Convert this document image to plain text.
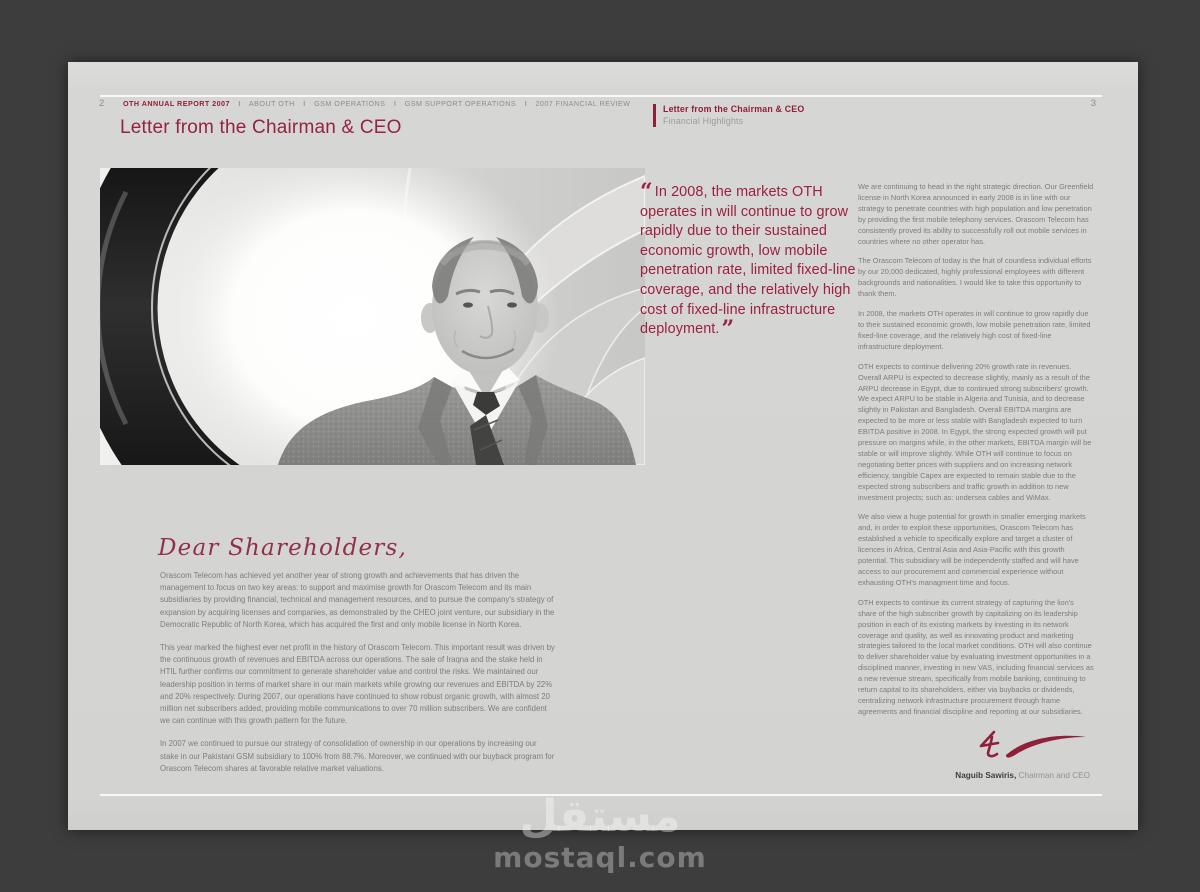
2	3
OTH ANNUAL REPORT 2007 I ABOUT OTH I GSM OPERATIONS I GSM SUPPORT OPERATIONS I 2007 FINANCIAL REVIEW
Letter from the Chairman & CEO
Letter from the Chairman & CEO
Financial Highlights
“ In 2008, the markets OTH operates in will continue to grow rapidly due to their sustained economic growth, low mobile penetration rate, limited fixed-line coverage, and the relatively high cost of fixed-line infrastructure deployment.”

We are continuing to head in the right strategic direction. Our Greenfield license in North Korea announced in early 2008 is in line with our strategy to penetrate countries with high population and low penetration by providing the first mobile telephony services. Orascom Telecom has consistently proved its ability to successfully roll out mobile services in countries where no other operator has.

The Orascom Telecom of today is the fruit of countless individual efforts by our 20,000 dedicated, highly professional employees with different backgrounds and nationalities. I would like to take this opportunity to thank them.

In 2008, the markets OTH operates in will continue to grow rapidly due to their sustained economic growth, low mobile penetration rate, limited fixed-line coverage, and the relatively high cost of fixed-line infrastructure deployment.

OTH expects to continue delivering 20% growth rate in revenues. Overall ARPU is expected to decrease slightly, mainly as a result of the ARPU decrease in Egypt, due to continued strong subscribers' growth. We expect ARPU to be stable in Algeria and Tunisia, and to decrease slightly in Pakistan and Bangladesh. Overall EBITDA margins are expected to be more or less stable with Bangladesh expected to turn EBITDA positive in 2008. In Egypt, the strong expected growth will put pressure on margins while, in the other markets, EBITDA margin will be stable or will improve slightly. While OTH will continue to focus on negotiating better prices with suppliers and on increasing network efficiency, tangible Capex are expected to remain stable due to the expected strong subscribers and traffic growth in addition to new investment projects; such as: undersea cables and WiMax.

We also view a huge potential for growth in smaller emerging markets and, in order to exploit these opportunities, Orascom Telecom has established a vehicle to specifically explore and target a cluster of licences in Africa, Central Asia and Asia-Pacific with this growth potential. This subsidiary will be independently staffed and will have access to our procurement and commercial experience without exhausting OTH's managment time and focus.

OTH expects to continue its current strategy of capturing the lion's share of the high subscriber growth by capitalizing on its leadership position in each of its existing markets by investing in its network coverage and quality, as well as innovating product and marketing strategies tailored to the local market conditions. OTH will also continue to deliver shareholder value by evaluating investment opportunities in a disciplined manner, investing in new VAS, including financial services as a new revenue stream, specifically from mobile banking, continuing to return capital to its shareholders, either via buybacks or dividends, centralizing network infrastructure procurement through frame agreements and financial discipline and reporting at our subsidiaries.

Dear Shareholders,

Orascom Telecom has achieved yet another year of strong growth and achievements that has driven the management to focus on two key areas: to support and maximise growth for Orascom Telecom and its main subsidiaries by providing financial, technical and management resources, and to pursue the company's strategy of expansion by acquiring licenses and companies, as demonstrated by the CHEO joint venture, our subsidiary in the Democratic Republic of North Korea, which has acquired the first and only mobile license in North Korea.

This year marked the highest ever net profit in the history of Orascom Telecom. This important result was driven by the continuous growth of revenues and EBITDA across our operations. The sale of Iraqna and the stake held in HTIL further confirms our commitment to generate shareholder value and control the risks. We maintained our leadership position in terms of market share in our main markets while growing our revenues and EBITDA by 22% and 20% respectively. During 2007, our operations have continued to show robust organic growth, with almost 20 million net subscribers added, providing mobile communications to over 70 million subscribers. We are confident we can continue with this growth pattern for the future.

In 2007 we continued to pursue our strategy of consolidation of ownership in our operations by increasing our stake in our Pakistani GSM subsidiary to 100% from 88.7%. Moreover, we continued with our buyback program for Orascom Telecom shares at favorable relative market valuations.

Naguib Sawiris, Chairman and CEO
مستقل
mostaql.com
